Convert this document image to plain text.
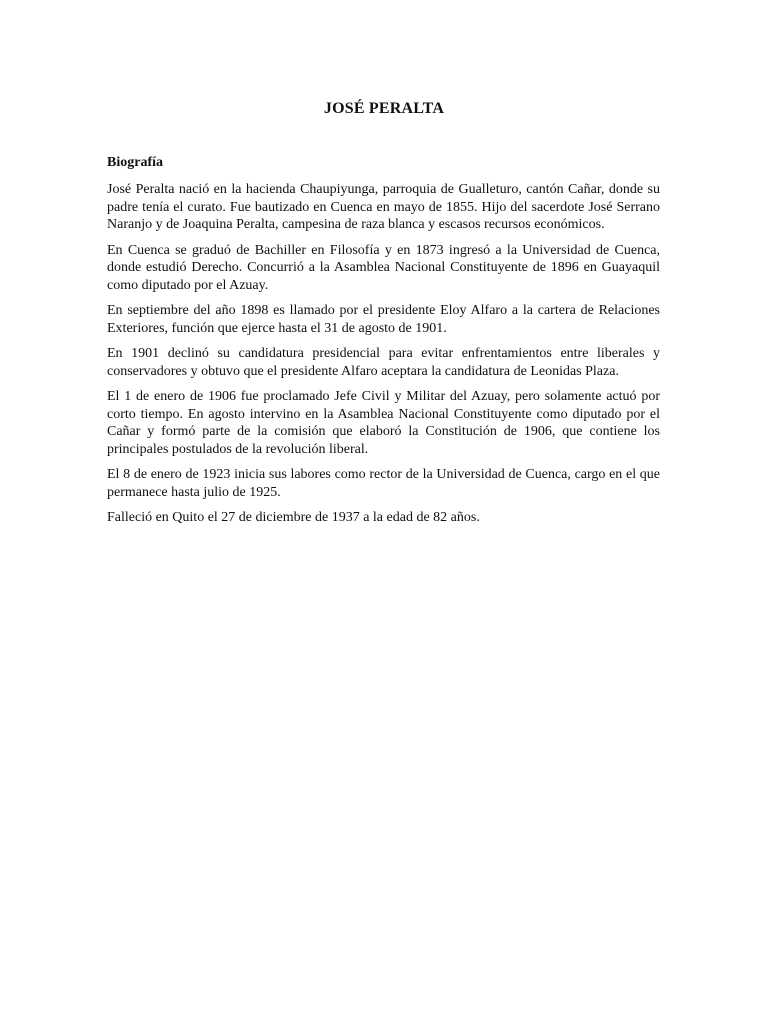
JOSÉ PERALTA
Biografía

José Peralta nació en la hacienda Chaupiyunga, parroquia de Gualleturo, cantón Cañar, donde su padre tenía el curato. Fue bautizado en Cuenca en mayo de 1855. Hijo del sacerdote José Serrano Naranjo y de Joaquina Peralta, campesina de raza blanca y escasos recursos económicos.

En Cuenca se graduó de Bachiller en Filosofía y en 1873 ingresó a la Universidad de Cuenca, donde estudió Derecho. Concurrió a la Asamblea Nacional Constituyente de 1896 en Guayaquil como diputado por el Azuay.

En septiembre del año 1898 es llamado por el presidente Eloy Alfaro a la cartera de Relaciones Exteriores, función que ejerce hasta el 31 de agosto de 1901.

En 1901 declinó su candidatura presidencial para evitar enfrentamientos entre liberales y conservadores y obtuvo que el presidente Alfaro aceptara la candidatura de Leonidas Plaza.

El 1 de enero de 1906 fue proclamado Jefe Civil y Militar del Azuay, pero solamente actuó por corto tiempo. En agosto intervino en la Asamblea Nacional Constituyente como diputado por el Cañar y formó parte de la comisión que elaboró la Constitución de 1906, que contiene los principales postulados de la revolución liberal.

El 8 de enero de 1923 inicia sus labores como rector de la Universidad de Cuenca, cargo en el que permanece hasta julio de 1925.

Falleció en Quito el 27 de diciembre de 1937 a la edad de 82 años.
